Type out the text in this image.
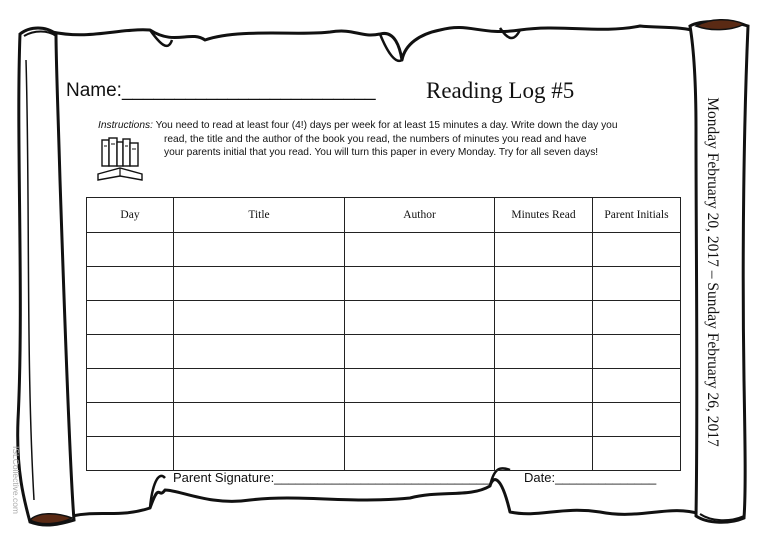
Name:________________________ Reading Log #5
Instructions: You need to read at least four (4!) days per week for at least 15 minutes a day. Write down the day you
read, the title and the author of the book you read, the numbers of minutes you read and have
your parents initial that you read. You will turn this paper in every Monday. Try for all seven days!
Day	Title	Author	Minutes Read	Parent Initials

Parent Signature:______________________________	Date:______________
Monday February 20, 2017 – Sunday February 26, 2017
ISLCollective.com
